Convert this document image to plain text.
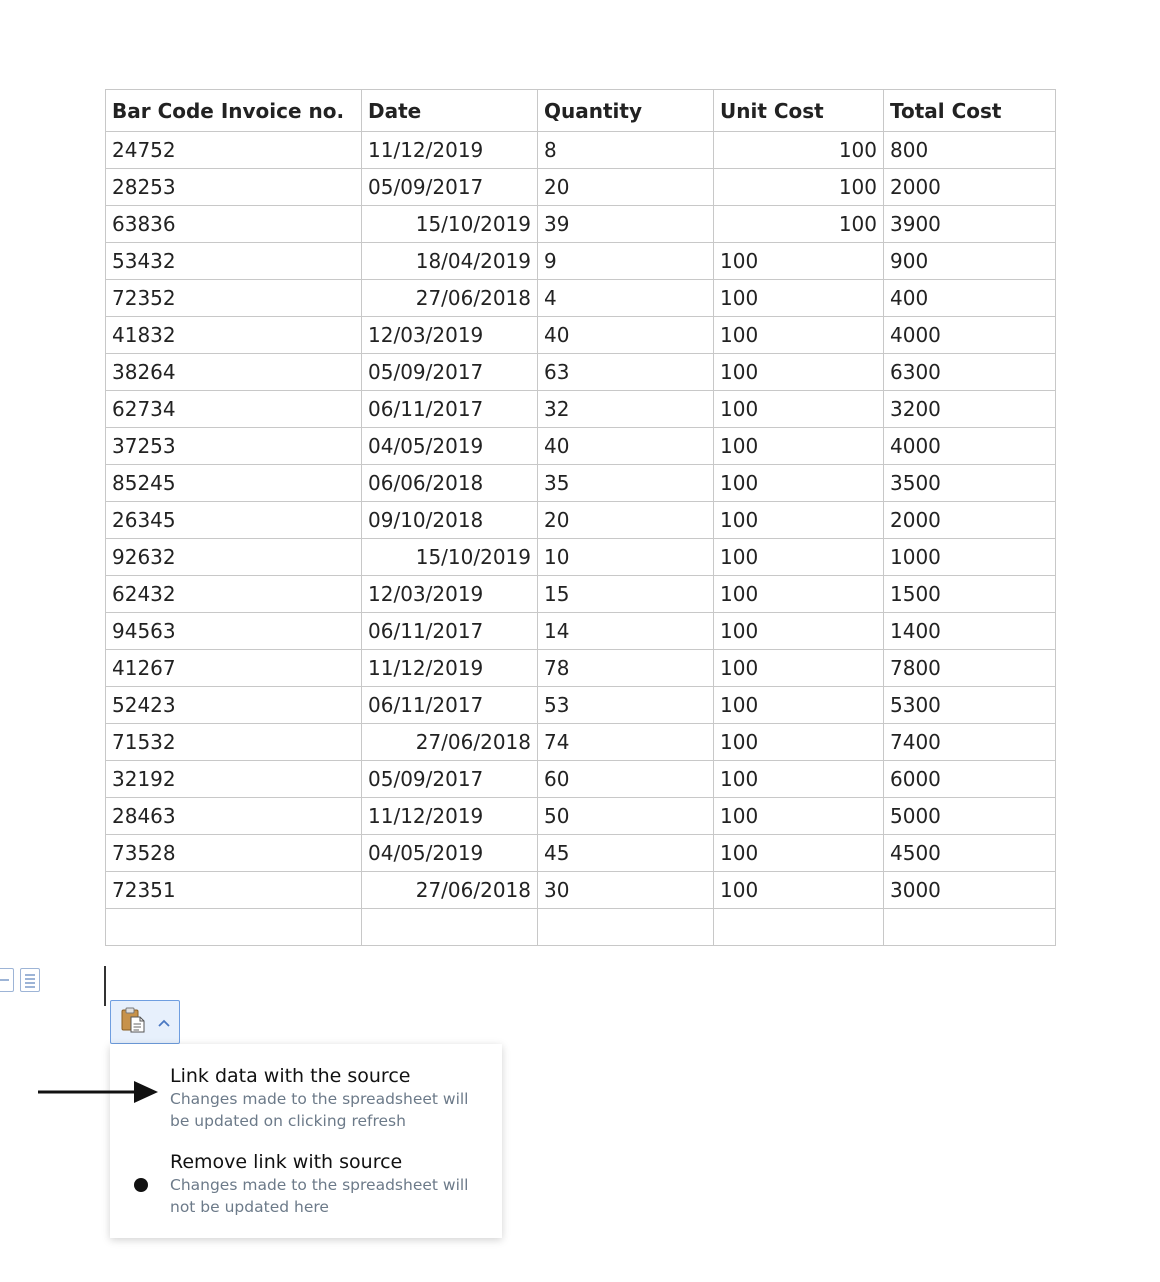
Bar Code Invoice no.	Date	Quantity	Unit Cost	Total Cost
24752	11/12/2019	8	100	800
28253	05/09/2017	20	100	2000
63836	15/10/2019	39	100	3900
53432	18/04/2019	9	100	900
72352	27/06/2018	4	100	400
41832	12/03/2019	40	100	4000
38264	05/09/2017	63	100	6300
62734	06/11/2017	32	100	3200
37253	04/05/2019	40	100	4000
85245	06/06/2018	35	100	3500
26345	09/10/2018	20	100	2000
92632	15/10/2019	10	100	1000
62432	12/03/2019	15	100	1500
94563	06/11/2017	14	100	1400
41267	11/12/2019	78	100	7800
52423	06/11/2017	53	100	5300
71532	27/06/2018	74	100	7400
32192	05/09/2017	60	100	6000
28463	11/12/2019	50	100	5000
73528	04/05/2019	45	100	4500
72351	27/06/2018	30	100	3000

Link data with the source
Changes made to the spreadsheet will
be updated on clicking refresh
Remove link with source
Changes made to the spreadsheet will
not be updated here
